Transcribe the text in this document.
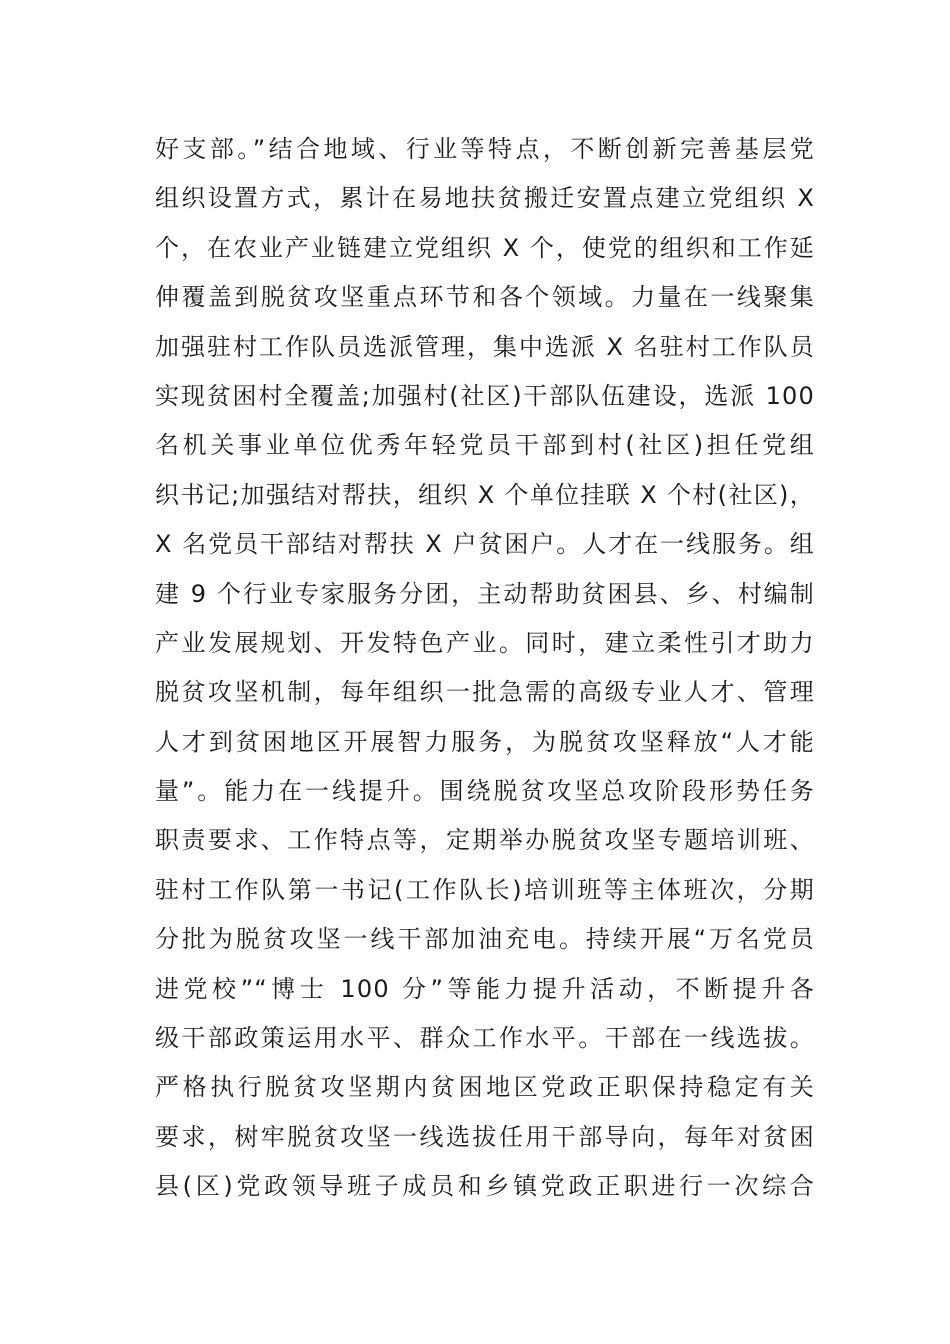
好支部。”结合地域、行业等特点，不断创新完善基层党
组织设置方式，累计在易地扶贫搬迁安置点建立党组织 X
个，在农业产业链建立党组织 X 个，使党的组织和工作延
伸覆盖到脱贫攻坚重点环节和各个领域。力量在一线聚集
加强驻村工作队员选派管理，集中选派 X 名驻村工作队员
实现贫困村全覆盖;加强村(社区)干部队伍建设，选派 100
名机关事业单位优秀年轻党员干部到村(社区)担任党组
织书记;加强结对帮扶，组织 X 个单位挂联 X 个村(社区)，
X 名党员干部结对帮扶 X 户贫困户。人才在一线服务。组
建 9 个行业专家服务分团，主动帮助贫困县、乡、村编制
产业发展规划、开发特色产业。同时，建立柔性引才助力
脱贫攻坚机制，每年组织一批急需的高级专业人才、管理
人才到贫困地区开展智力服务，为脱贫攻坚释放“人才能
量”。能力在一线提升。围绕脱贫攻坚总攻阶段形势任务
职责要求、工作特点等，定期举办脱贫攻坚专题培训班、
驻村工作队第一书记(工作队长)培训班等主体班次，分期
分批为脱贫攻坚一线干部加油充电。持续开展“万名党员
进党校”“博士 100 分”等能力提升活动，不断提升各
级干部政策运用水平、群众工作水平。干部在一线选拔。
严格执行脱贫攻坚期内贫困地区党政正职保持稳定有关
要求，树牢脱贫攻坚一线选拔任用干部导向，每年对贫困
县(区)党政领导班子成员和乡镇党政正职进行一次综合
